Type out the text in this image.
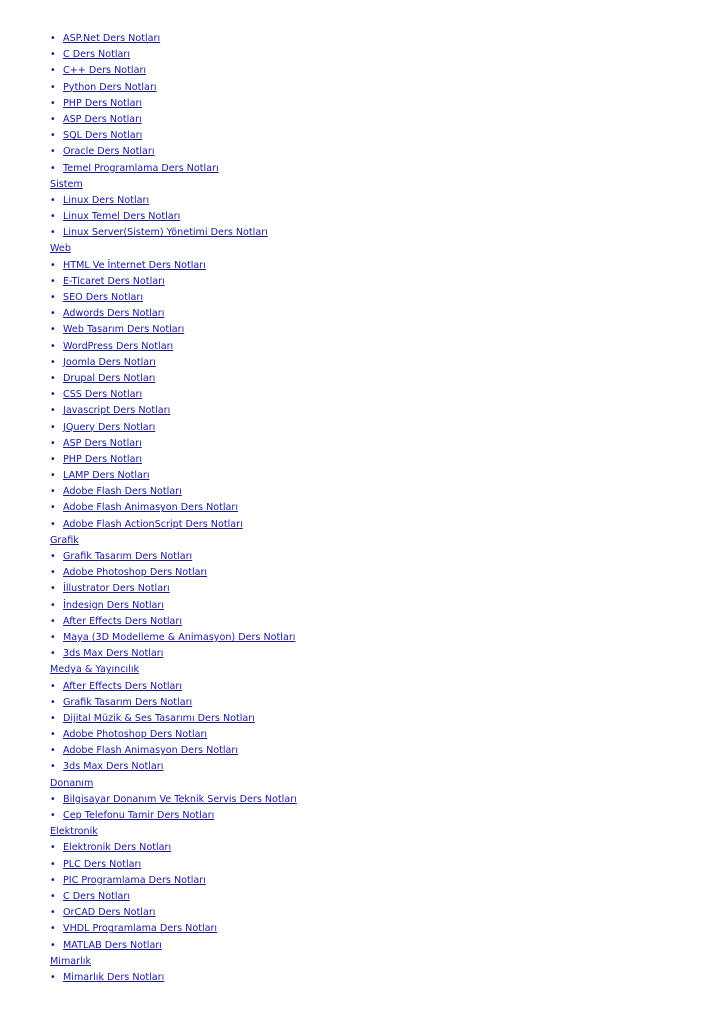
• ASP.Net Ders Notları
• C Ders Notları
• C++ Ders Notları
• Python Ders Notları
• PHP Ders Notları
• ASP Ders Notları
• SQL Ders Notları
• Oracle Ders Notları
• Temel Programlama Ders Notları
Sistem
• Linux Ders Notları
• Linux Temel Ders Notları
• Linux Server(Sistem) Yönetimi Ders Notları
Web
• HTML Ve İnternet Ders Notları
• E-Ticaret Ders Notları
• SEO Ders Notları
• Adwords Ders Notları
• Web Tasarım Ders Notları
• WordPress Ders Notları
• Joomla Ders Notları
• Drupal Ders Notları
• CSS Ders Notları
• Javascript Ders Notları
• JQuery Ders Notları
• ASP Ders Notları
• PHP Ders Notları
• LAMP Ders Notları
• Adobe Flash Ders Notları
• Adobe Flash Animasyon Ders Notları
• Adobe Flash ActionScript Ders Notları
Grafik
• Grafik Tasarım Ders Notları
• Adobe Photoshop Ders Notları
• İllustrator Ders Notları
• İndesign Ders Notları
• After Effects Ders Notları
• Maya (3D Modelleme & Animasyon) Ders Notları
• 3ds Max Ders Notları
Medya & Yayıncılık
• After Effects Ders Notları
• Grafik Tasarım Ders Notları
• Dijital Müzik & Ses Tasarımı Ders Notları
• Adobe Photoshop Ders Notları
• Adobe Flash Animasyon Ders Notları
• 3ds Max Ders Notları
Donanım
• Bilgisayar Donanım Ve Teknik Servis Ders Notları
• Cep Telefonu Tamir Ders Notları
Elektronik
• Elektronik Ders Notları
• PLC Ders Notları
• PIC Programlama Ders Notları
• C Ders Notları
• OrCAD Ders Notları
• VHDL Programlama Ders Notları
• MATLAB Ders Notları
Mimarlık
• Mimarlık Ders Notları
